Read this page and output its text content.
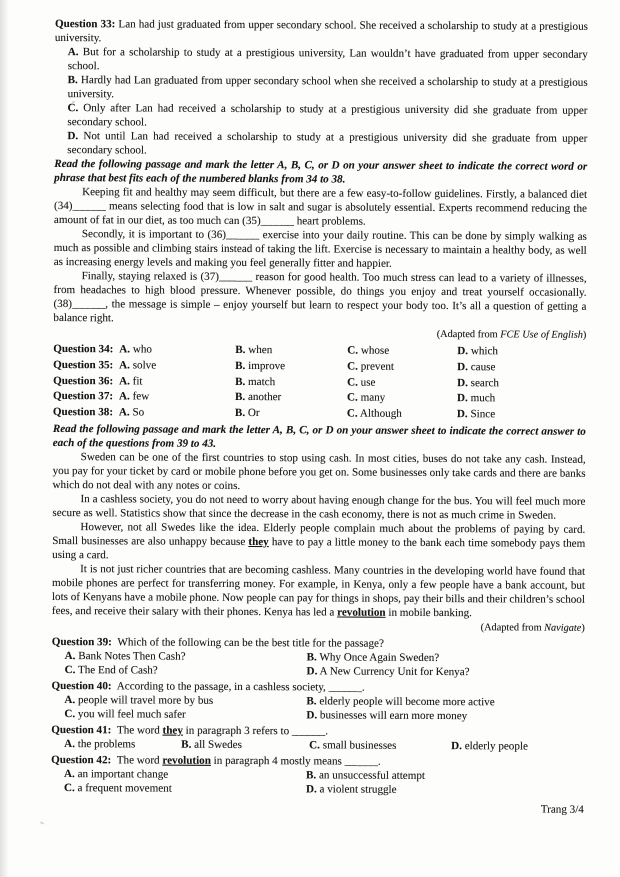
Question 33: Lan had just graduated from upper secondary school. She received a scholarship to study at a prestigious university.

A. But for a scholarship to study at a prestigious university, Lan wouldn’t have graduated from upper secondary school.

B. Hardly had Lan graduated from upper secondary school when she received a scholarship to study at a prestigious university.

C. Only after Lan had received a scholarship to study at a prestigious university did she graduate from upper secondary school.

D. Not until Lan had received a scholarship to study at a prestigious university did she graduate from upper secondary school.

Read the following passage and mark the letter A, B, C, or D on your answer sheet to indicate the correct word or phrase that best fits each of the numbered blanks from 34 to 38.

Keeping fit and healthy may seem difficult, but there are a few easy-to-follow guidelines. Firstly, a balanced diet (34)______ means selecting food that is low in salt and sugar is absolutely essential. Experts recommend reducing the amount of fat in our diet, as too much can (35)______ heart problems.

Secondly, it is important to (36)______ exercise into your daily routine. This can be done by simply walking as much as possible and climbing stairs instead of taking the lift. Exercise is necessary to maintain a healthy body, as well as increasing energy levels and making you feel generally fitter and happier.

Finally, staying relaxed is (37)______ reason for good health. Too much stress can lead to a variety of illnesses, from headaches to high blood pressure. Whenever possible, do things you enjoy and treat yourself occasionally. (38)______, the message is simple – enjoy yourself but learn to respect your body too. It’s all a question of getting a balance right.

(Adapted from FCE Use of English)

Question 34: A. who	B. when	C. whose	D. which
Question 35: A. solve	B. improve	C. prevent	D. cause
Question 36: A. fit	B. match	C. use	D. search
Question 37: A. few	B. another	C. many	D. much
Question 38: A. So	B. Or	C. Although	D. Since

Read the following passage and mark the letter A, B, C, or D on your answer sheet to indicate the correct answer to each of the questions from 39 to 43.

Sweden can be one of the first countries to stop using cash. In most cities, buses do not take any cash. Instead, you pay for your ticket by card or mobile phone before you get on. Some businesses only take cards and there are banks which do not deal with any notes or coins.

In a cashless society, you do not need to worry about having enough change for the bus. You will feel much more secure as well. Statistics show that since the decrease in the cash economy, there is not as much crime in Sweden.

However, not all Swedes like the idea. Elderly people complain much about the problems of paying by card. Small businesses are also unhappy because they have to pay a little money to the bank each time somebody pays them using a card.

It is not just richer countries that are becoming cashless. Many countries in the developing world have found that mobile phones are perfect for transferring money. For example, in Kenya, only a few people have a bank account, but lots of Kenyans have a mobile phone. Now people can pay for things in shops, pay their bills and their children’s school fees, and receive their salary with their phones. Kenya has led a revolution in mobile banking.

(Adapted from Navigate)

Question 39: Which of the following can be the best title for the passage?

A. Bank Notes Then Cash?	B. Why Once Again Sweden?
C. The End of Cash?	D. A New Currency Unit for Kenya?

Question 40: According to the passage, in a cashless society, ______.

A. people will travel more by bus	B. elderly people will become more active
C. you will feel much safer	D. businesses will earn more money

Question 41: The word they in paragraph 3 refers to ______.

A. the problems	B. all Swedes	C. small businesses	D. elderly people

Question 42: The word revolution in paragraph 4 mostly means ______.

A. an important change	B. an unsuccessful attempt
C. a frequent movement	D. a violent struggle

Trang 3/4
